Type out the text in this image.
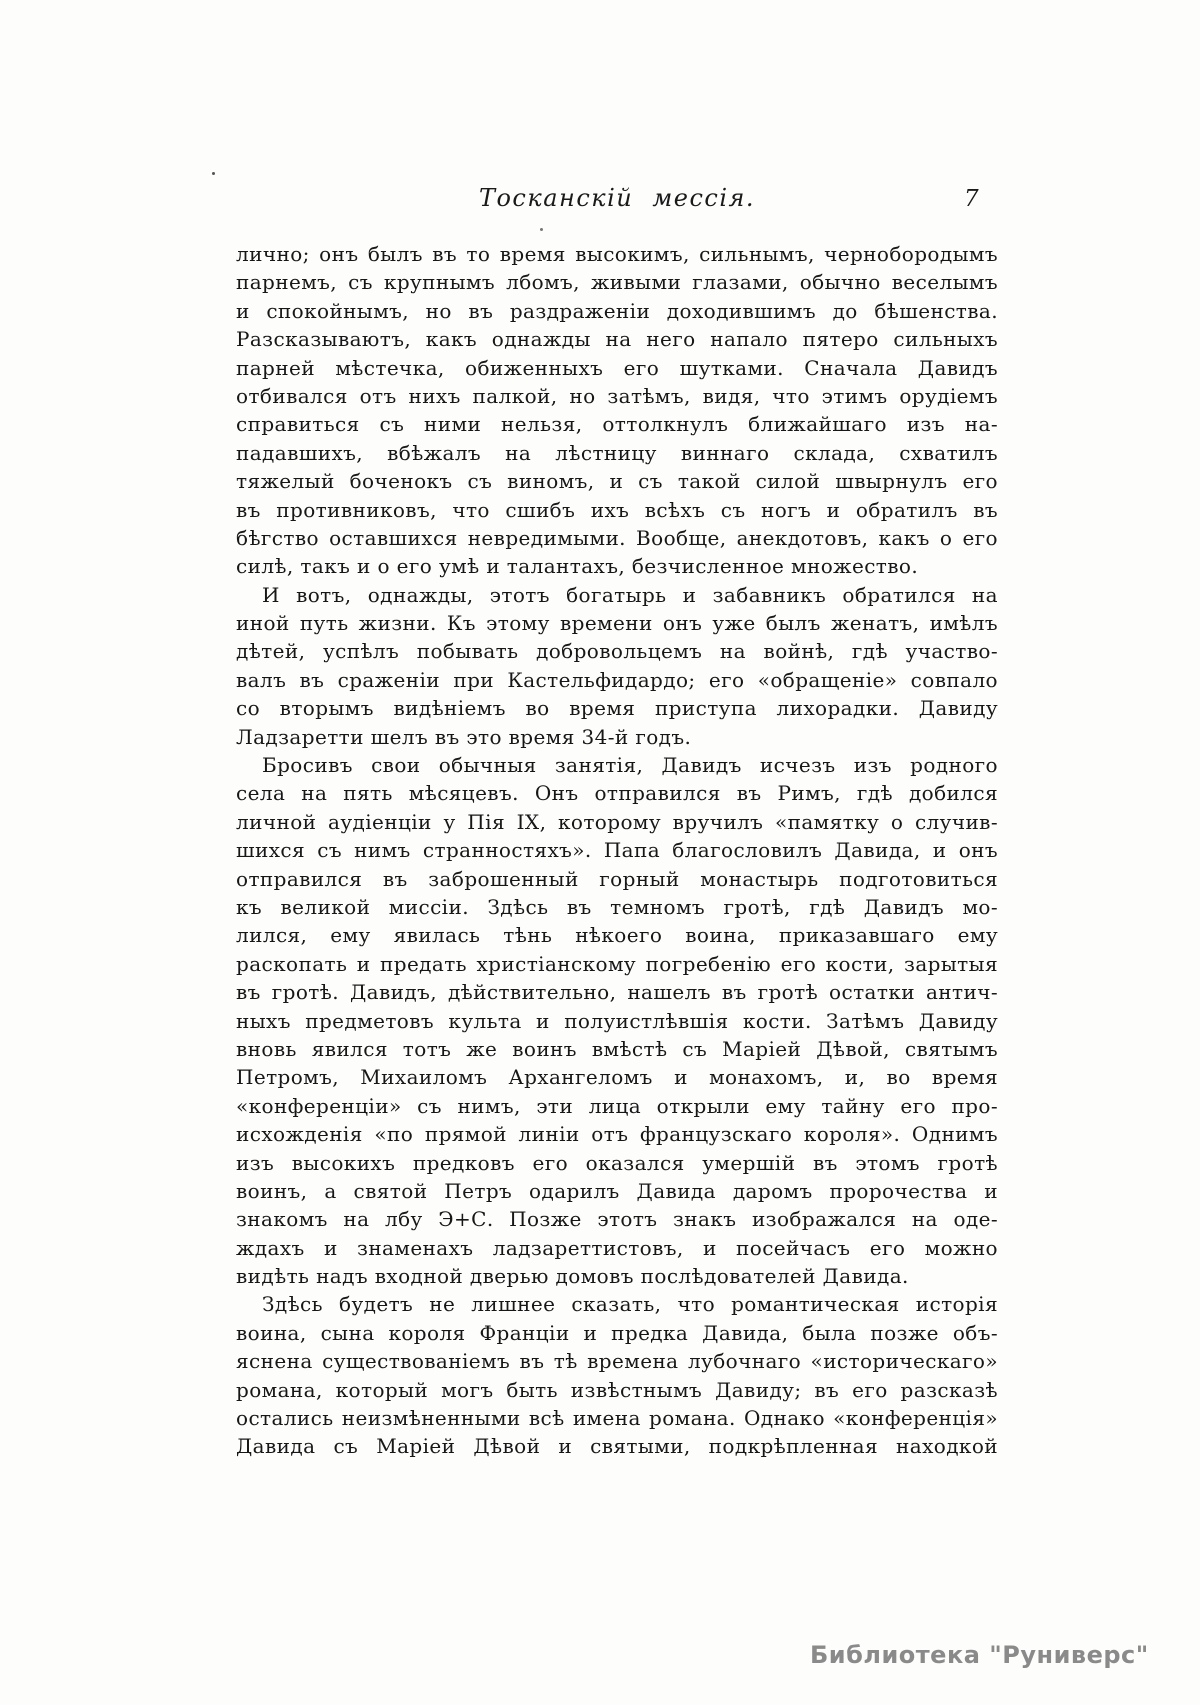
Тосканскій мессія.	7
лично; онъ былъ въ то время высокимъ, сильнымъ, чернобородымъ
парнемъ, съ крупнымъ лбомъ, живыми глазами, обычно веселымъ
и спокойнымъ, но въ раздраженіи доходившимъ до бѣшенства.
Разсказываютъ, какъ однажды на него напало пятеро сильныхъ
парней мѣстечка, обиженныхъ его шутками. Сначала Давидъ
отбивался отъ нихъ палкой, но затѣмъ, видя, что этимъ орудіемъ
справиться съ ними нельзя, оттолкнулъ ближайшаго изъ на-
падавшихъ, вбѣжалъ на лѣстницу виннаго склада, схватилъ
тяжелый боченокъ съ виномъ, и съ такой силой швырнулъ его
въ противниковъ, что сшибъ ихъ всѣхъ съ ногъ и обратилъ въ
бѣгство оставшихся невредимыми. Вообще, анекдотовъ, какъ о его
силѣ, такъ и о его умѣ и талантахъ, безчисленное множество.
И вотъ, однажды, этотъ богатырь и забавникъ обратился на
иной путь жизни. Къ этому времени онъ уже былъ женатъ, имѣлъ
дѣтей, успѣлъ побывать добровольцемъ на войнѣ, гдѣ участво-
валъ въ сраженіи при Кастельфидардо; его «обращеніе» совпало
со вторымъ видѣніемъ во время приступа лихорадки. Давиду
Ладзаретти шелъ въ это время 34-й годъ.
Бросивъ свои обычныя занятія, Давидъ исчезъ изъ родного
села на пять мѣсяцевъ. Онъ отправился въ Римъ, гдѣ добился
личной аудіенціи у Пія IX, которому вручилъ «памятку о случив-
шихся съ нимъ странностяхъ». Папа благословилъ Давида, и онъ
отправился въ заброшенный горный монастырь подготовиться
къ великой миссіи. Здѣсь въ темномъ гротѣ, гдѣ Давидъ мо-
лился, ему явилась тѣнь нѣкоего воина, приказавшаго ему
раскопать и предать христіанскому погребенію его кости, зарытыя
въ гротѣ. Давидъ, дѣйствительно, нашелъ въ гротѣ остатки антич-
ныхъ предметовъ культа и полуистлѣвшія кости. Затѣмъ Давиду
вновь явился тотъ же воинъ вмѣстѣ съ Маріей Дѣвой, святымъ
Петромъ, Михаиломъ Архангеломъ и монахомъ, и, во время
«конференціи» съ нимъ, эти лица открыли ему тайну его про-
исхожденія «по прямой линіи отъ французскаго короля». Однимъ
изъ высокихъ предковъ его оказался умершій въ этомъ гротѣ
воинъ, а святой Петръ одарилъ Давида даромъ пророчества и
знакомъ на лбу Э+С. Позже этотъ знакъ изображался на оде-
ждахъ и знаменахъ ладзареттистовъ, и посейчасъ его можно
видѣть надъ входной дверью домовъ послѣдователей Давида.
Здѣсь будетъ не лишнее сказать, что романтическая исторія
воина, сына короля Франціи и предка Давида, была позже объ-
яснена существованіемъ въ тѣ времена лубочнаго «историческаго»
романа, который могъ быть извѣстнымъ Давиду; въ его разсказѣ
остались неизмѣненными всѣ имена романа. Однако «конференція»
Давида съ Маріей Дѣвой и святыми, подкрѣпленная находкой
Библиотека "Руниверс"
